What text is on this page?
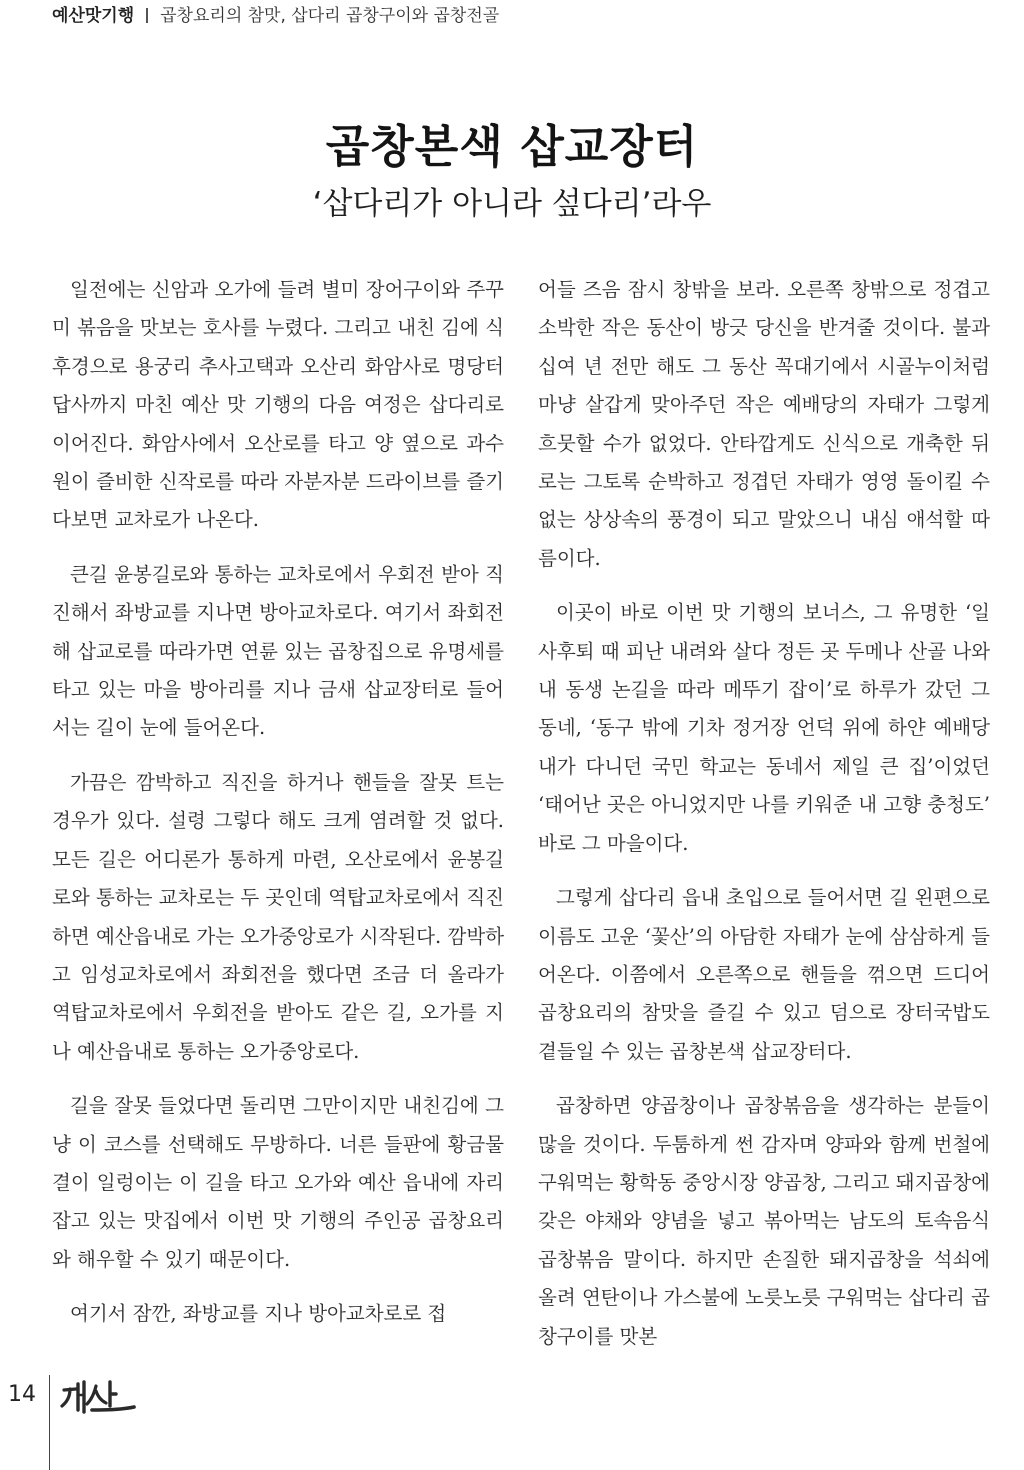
예산맛기행 곱창요리의 참맛, 삽다리 곱창구이와 곱창전골
곱창본색 삽교장터
‘삽다리가 아니라 섶다리’라우

일전에는 신암과 오가에 들려 별미 장어구이와 주꾸미 볶음을 맛보는 호사를 누렸다. 그리고 내친 김에 식후경으로 용궁리 추사고택과 오산리 화암사로 명당터 답사까지 마친 예산 맛 기행의 다음 여정은 삽다리로 이어진다. 화암사에서 오산로를 타고 양 옆으로 과수원이 즐비한 신작로를 따라 자분자분 드라이브를 즐기다보면 교차로가 나온다.

큰길 윤봉길로와 통하는 교차로에서 우회전 받아 직진해서 좌방교를 지나면 방아교차로다. 여기서 좌회전해 삽교로를 따라가면 연륜 있는 곱창집으로 유명세를 타고 있는 마을 방아리를 지나 금새 삽교장터로 들어서는 길이 눈에 들어온다.

가끔은 깜박하고 직진을 하거나 핸들을 잘못 트는 경우가 있다. 설령 그렇다 해도 크게 염려할 것 없다. 모든 길은 어디론가 통하게 마련, 오산로에서 윤봉길로와 통하는 교차로는 두 곳인데 역탑교차로에서 직진하면 예산읍내로 가는 오가중앙로가 시작된다. 깜박하고 임성교차로에서 좌회전을 했다면 조금 더 올라가 역탑교차로에서 우회전을 받아도 같은 길, 오가를 지나 예산읍내로 통하는 오가중앙로다.

길을 잘못 들었다면 돌리면 그만이지만 내친김에 그냥 이 코스를 선택해도 무방하다. 너른 들판에 황금물결이 일렁이는 이 길을 타고 오가와 예산 읍내에 자리 잡고 있는 맛집에서 이번 맛 기행의 주인공 곱창요리와 해우할 수 있기 때문이다.

여기서 잠깐, 좌방교를 지나 방아교차로로 접

어들 즈음 잠시 창밖을 보라. 오른쪽 창밖으로 정겹고 소박한 작은 동산이 방긋 당신을 반겨줄 것이다. 불과 십여 년 전만 해도 그 동산 꼭대기에서 시골누이처럼 마냥 살갑게 맞아주던 작은 예배당의 자태가 그렇게 흐뭇할 수가 없었다. 안타깝게도 신식으로 개축한 뒤로는 그토록 순박하고 정겹던 자태가 영영 돌이킬 수 없는 상상속의 풍경이 되고 말았으니 내심 애석할 따름이다.

이곳이 바로 이번 맛 기행의 보너스, 그 유명한 ‘일사후퇴 때 피난 내려와 살다 정든 곳 두메나 산골 나와 내 동생 논길을 따라 메뚜기 잡이’로 하루가 갔던 그 동네, ‘동구 밖에 기차 정거장 언덕 위에 하얀 예배당 내가 다니던 국민 학교는 동네서 제일 큰 집’이었던 ‘태어난 곳은 아니었지만 나를 키워준 내 고향 충청도’ 바로 그 마을이다.

그렇게 삽다리 읍내 초입으로 들어서면 길 왼편으로 이름도 고운 ‘꽃산’의 아담한 자태가 눈에 삼삼하게 들어온다. 이쯤에서 오른쪽으로 핸들을 꺾으면 드디어 곱창요리의 참맛을 즐길 수 있고 덤으로 장터국밥도 곁들일 수 있는 곱창본색 삽교장터다.

곱창하면 양곱창이나 곱창볶음을 생각하는 분들이 많을 것이다. 두툼하게 썬 감자며 양파와 함께 번철에 구워먹는 황학동 중앙시장 양곱창, 그리고 돼지곱창에 갖은 야채와 양념을 넣고 볶아먹는 남도의 토속음식 곱창볶음 말이다. 하지만 손질한 돼지곱창을 석쇠에 올려 연탄이나 가스불에 노릇노릇 구워먹는 삽다리 곱창구이를 맛본

14
